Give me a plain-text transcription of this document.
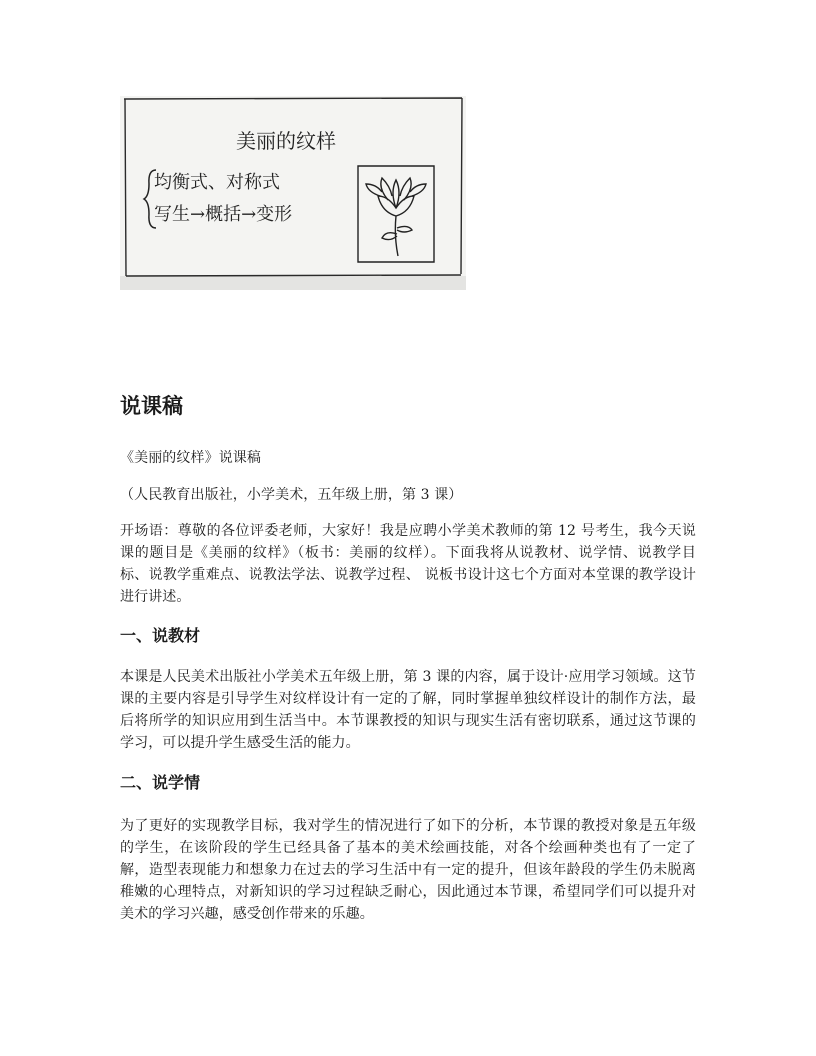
美丽的纹样
均衡式、对称式
写生→概括→变形
说课稿

《美丽的纹样》说课稿

（人民教育出版社，小学美术，五年级上册，第 3 课）

开场语：尊敬的各位评委老师，大家好！我是应聘小学美术教师的第 12 号考生，我今天说课的题目是《美丽的纹样》（板书：美丽的纹样）。下面我将从说教材、说学情、说教学目标、说教学重难点、说教法学法、说教学过程、 说板书设计这七个方面对本堂课的教学设计进行讲述。

一、说教材

本课是人民美术出版社小学美术五年级上册，第 3 课的内容，属于设计·应用学习领域。这节课的主要内容是引导学生对纹样设计有一定的了解，同时掌握单独纹样设计的制作方法，最后将所学的知识应用到生活当中。本节课教授的知识与现实生活有密切联系，通过这节课的学习，可以提升学生感受生活的能力。

二、说学情

为了更好的实现教学目标，我对学生的情况进行了如下的分析，本节课的教授对象是五年级的学生，在该阶段的学生已经具备了基本的美术绘画技能，对各个绘画种类也有了一定了解，造型表现能力和想象力在过去的学习生活中有一定的提升，但该年龄段的学生仍未脱离稚嫩的心理特点，对新知识的学习过程缺乏耐心，因此通过本节课，希望同学们可以提升对美术的学习兴趣，感受创作带来的乐趣。
